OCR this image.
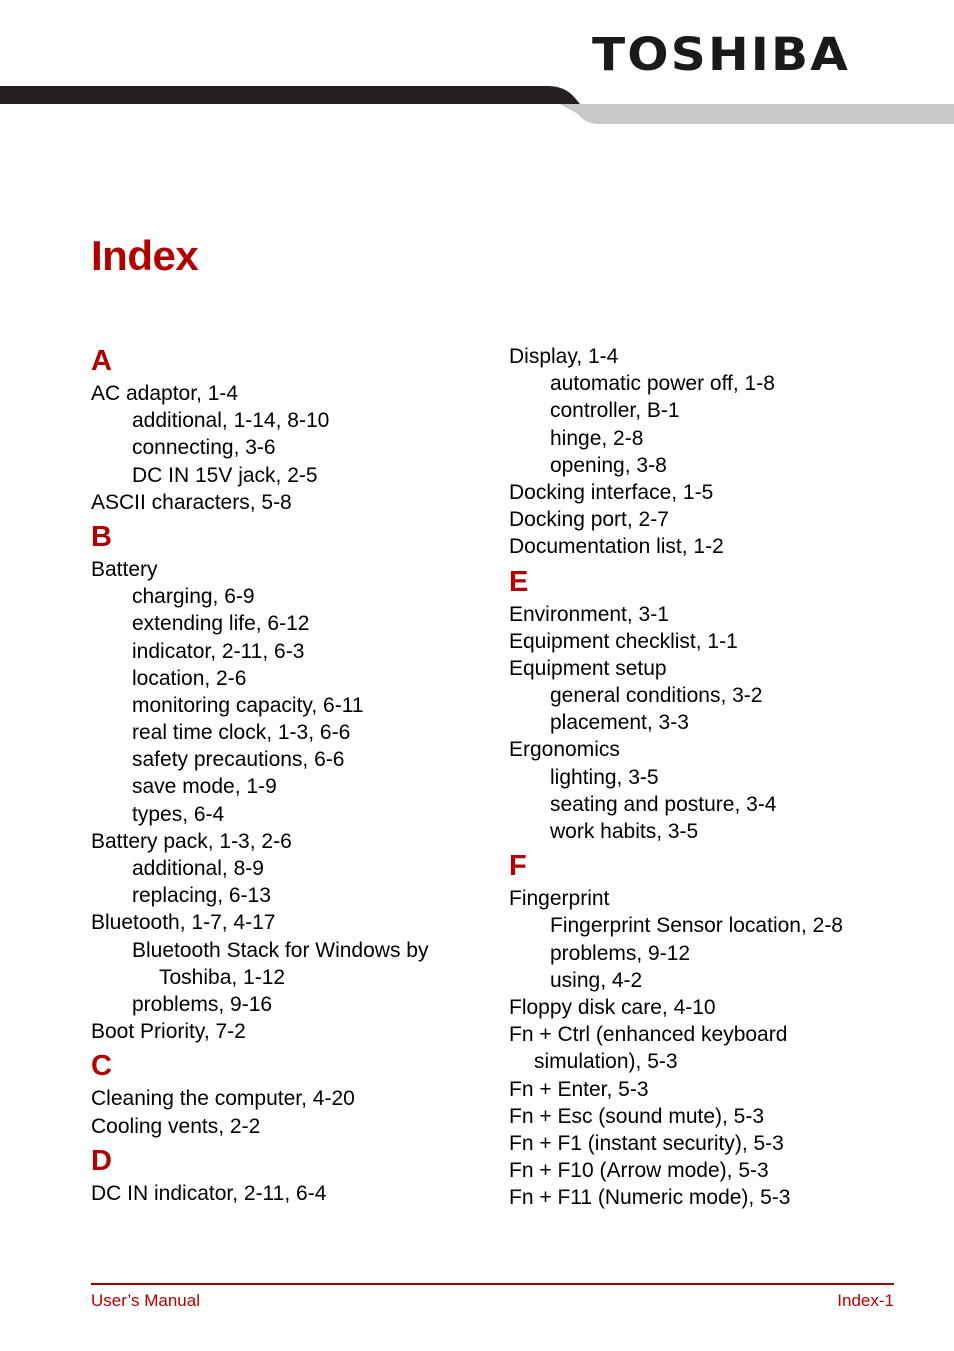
TOSHIBA
Index
A
AC adaptor, 1-4
additional, 1-14, 8-10
connecting, 3-6
DC IN 15V jack, 2-5
ASCII characters, 5-8
B
Battery
charging, 6-9
extending life, 6-12
indicator, 2-11, 6-3
location, 2-6
monitoring capacity, 6-11
real time clock, 1-3, 6-6
safety precautions, 6-6
save mode, 1-9
types, 6-4
Battery pack, 1-3, 2-6
additional, 8-9
replacing, 6-13
Bluetooth, 1-7, 4-17
Bluetooth Stack for Windows by
Toshiba, 1-12
problems, 9-16
Boot Priority, 7-2
C
Cleaning the computer, 4-20
Cooling vents, 2-2
D
DC IN indicator, 2-11, 6-4
Display, 1-4
automatic power off, 1-8
controller, B-1
hinge, 2-8
opening, 3-8
Docking interface, 1-5
Docking port, 2-7
Documentation list, 1-2
E
Environment, 3-1
Equipment checklist, 1-1
Equipment setup
general conditions, 3-2
placement, 3-3
Ergonomics
lighting, 3-5
seating and posture, 3-4
work habits, 3-5
F
Fingerprint
Fingerprint Sensor location, 2-8
problems, 9-12
using, 4-2
Floppy disk care, 4-10
Fn + Ctrl (enhanced keyboard
simulation), 5-3
Fn + Enter, 5-3
Fn + Esc (sound mute), 5-3
Fn + F1 (instant security), 5-3
Fn + F10 (Arrow mode), 5-3
Fn + F11 (Numeric mode), 5-3
User’s Manual	Index-1
